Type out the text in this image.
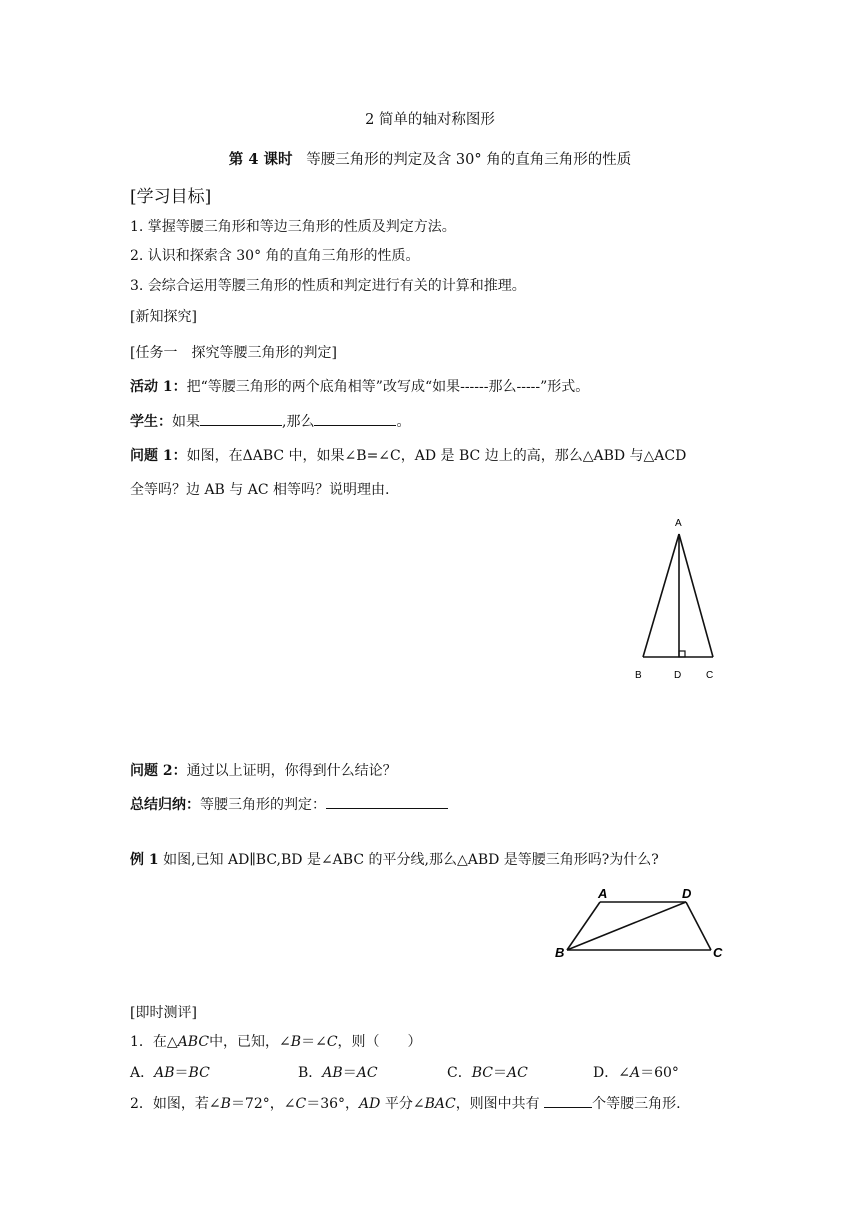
2 简单的轴对称图形
第 4 课时 等腰三角形的判定及含 30° 角的直角三角形的性质
[学习目标]
1. 掌握等腰三角形和等边三角形的性质及判定方法。
2. 认识和探索含 30° 角的直角三角形的性质。
3. 会综合运用等腰三角形的性质和判定进行有关的计算和推理。
[新知探究]
[任务一　探究等腰三角形的判定]
活动 1：把“等腰三角形的两个底角相等”改写成“如果------那么-----”形式。
学生：如果	,那么	。
问题 1：如图，在ΔABC 中，如果∠B=∠C，AD 是 BC 边上的高，那么△ABD 与△ACD
全等吗？边 AB 与 AC 相等吗？说明理由.
A
B	D C
问题 2：通过以上证明，你得到什么结论？
总结归纳：等腰三角形的判定：
例 1 如图,已知 AD∥BC,BD 是∠ABC 的平分线,那么△ABD 是等腰三角形吗?为什么?
A	D
B	C
[即时测评]
1．在△ABC中，已知，∠B＝∠C，则（　　）
A．AB＝BC	B．AB＝AC	C．BC＝AC	D．∠A＝60°
2．如图，若∠B＝72°，∠C＝36°，AD 平分∠BAC，则图中共有	个等腰三角形.
